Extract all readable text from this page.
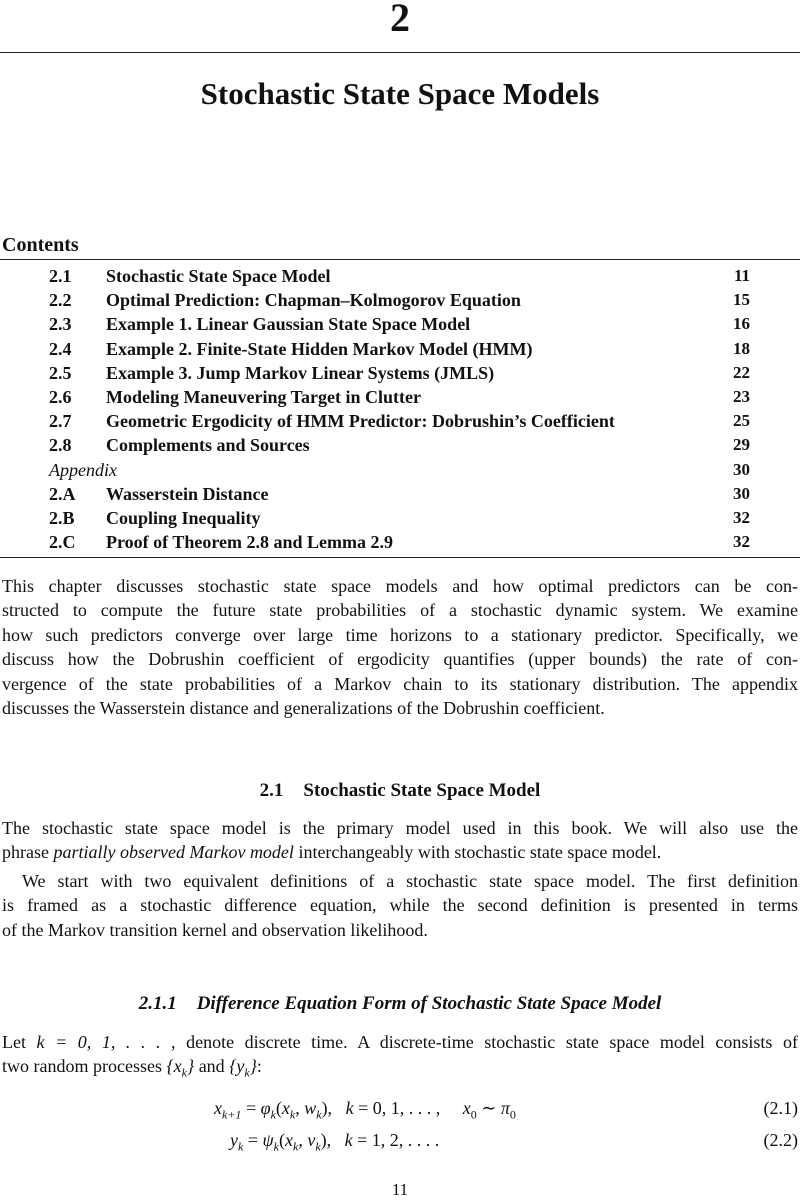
2
Stochastic State Space Models
Contents
2.1 Stochastic State Space Model	11
2.2 Optimal Prediction: Chapman–Kolmogorov Equation	15
2.3 Example 1. Linear Gaussian State Space Model	16
2.4 Example 2. Finite-State Hidden Markov Model (HMM)	18
2.5 Example 3. Jump Markov Linear Systems (JMLS)	22
2.6 Modeling Maneuvering Target in Clutter	23
2.7 Geometric Ergodicity of HMM Predictor: Dobrushin’s Coefficient	25
2.8 Complements and Sources	29
Appendix	30
2.A Wasserstein Distance	30
2.B Coupling Inequality	32
2.C Proof of Theorem 2.8 and Lemma 2.9	32
This chapter discusses stochastic state space models and how optimal predictors can be con-
structed to compute the future state probabilities of a stochastic dynamic system. We examine
how such predictors converge over large time horizons to a stationary predictor. Specifically, we
discuss how the Dobrushin coefficient of ergodicity quantifies (upper bounds) the rate of con-
vergence of the state probabilities of a Markov chain to its stationary distribution. The appendix
discusses the Wasserstein distance and generalizations of the Dobrushin coefficient.
2.1 Stochastic State Space Model
The stochastic state space model is the primary model used in this book. We will also use the
phrase partially observed Markov model interchangeably with stochastic state space model.
We start with two equivalent definitions of a stochastic state space model. The first definition
is framed as a stochastic difference equation, while the second definition is presented in terms
of the Markov transition kernel and observation likelihood.
2.1.1 Difference Equation Form of Stochastic State Space Model
Let k = 0, 1, . . . , denote discrete time. A discrete-time stochastic state space model consists of
two random processes $\{x_k\}$ and $\{y_k\}$:
$x_{k+1} = \varphi_k(x_k$, $w_k$),   k = 0, 1, . . . ,     $x_0$ ∼ $\pi_0$	(2.1)
$y_k = \psi_k(x_k$, $v_k$),   k = 1, 2, . . . .	(2.2)
11
